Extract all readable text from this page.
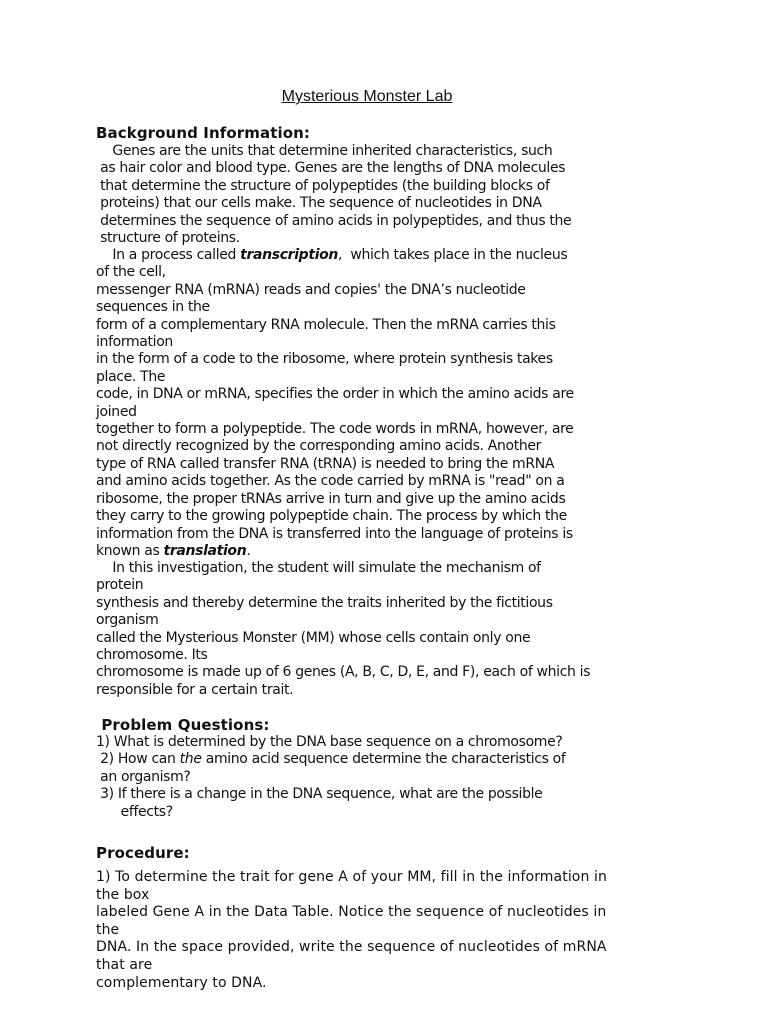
Mysterious Monster Lab
Background Information:
Genes are the units that determine inherited characteristics, such
as hair color and blood type. Genes are the lengths of DNA molecules
that determine the structure of polypeptides (the building blocks of
proteins) that our cells make. The sequence of nucleotides in DNA
determines the sequence of amino acids in polypeptides, and thus the
structure of proteins.
In a process called transcription,  which takes place in the nucleus
of the cell,
messenger RNA (mRNA) reads and copies' the DNA’s nucleotide
sequences in the
form of a complementary RNA molecule. Then the mRNA carries this
information
in the form of a code to the ribosome, where protein synthesis takes
place. The
code, in DNA or mRNA, specifies the order in which the amino acids are
joined
together to form a polypeptide. The code words in mRNA, however, are
not directly recognized by the corresponding amino acids. Another
type of RNA called transfer RNA (tRNA) is needed to bring the mRNA
and amino acids together. As the code carried by mRNA is "read" on a
ribosome, the proper tRNAs arrive in turn and give up the amino acids
they carry to the growing polypeptide chain. The process by which the
information from the DNA is transferred into the language of proteins is
known as translation.
In this investigation, the student will simulate the mechanism of
protein
synthesis and thereby determine the traits inherited by the fictitious
organism
called the Mysterious Monster (MM) whose cells contain only one
chromosome. Its
chromosome is made up of 6 genes (A, B, C, D, E, and F), each of which is
responsible for a certain trait.
Problem Questions:
1) What is determined by the DNA base sequence on a chromosome?
2) How can the amino acid sequence determine the characteristics of
an organism?
3) If there is a change in the DNA sequence, what are the possible
effects?
Procedure:
1) To determine the trait for gene A of your MM, fill in the information in
the box
labeled Gene A in the Data Table. Notice the sequence of nucleotides in
the
DNA. In the space provided, write the sequence of nucleotides of mRNA
that are
complementary to DNA.
